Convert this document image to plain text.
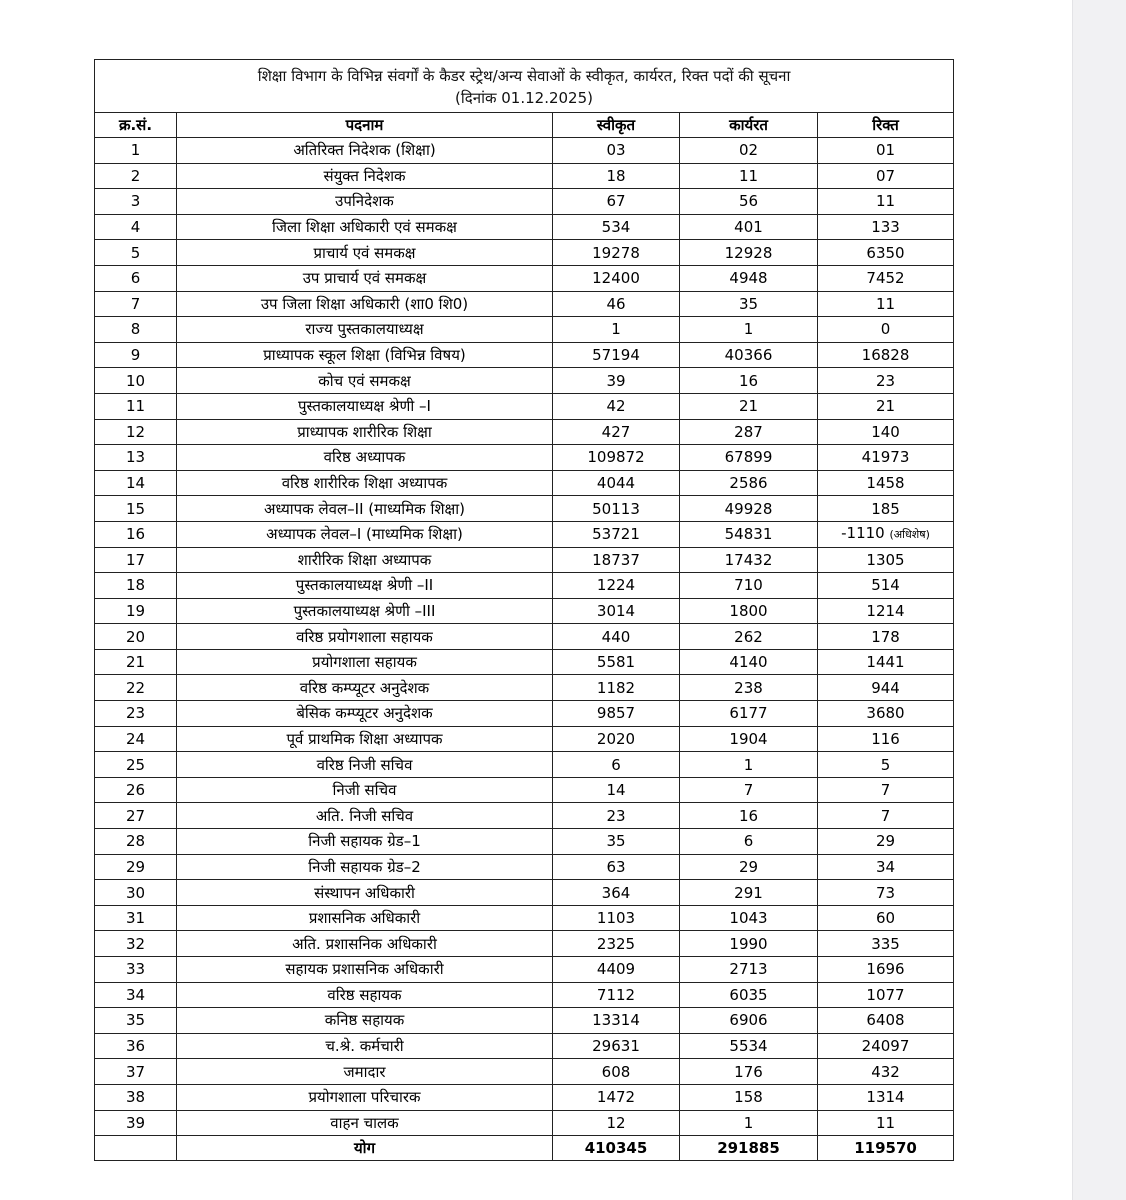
शिक्षा विभाग के विभिन्न संवर्गों के कैडर स्ट्रेथ/अन्य सेवाओं के स्वीकृत, कार्यरत, रिक्त पदों की सूचना
(दिनांक 01.12.2025)				

क्र.सं.	पदनाम	स्वीकृत	कार्यरत	रिक्त
1	अतिरिक्त निदेशक (शिक्षा)	03	02	01
2	संयुक्त निदेशक	18	11	07
3	उपनिदेशक	67	56	11
4	जिला शिक्षा अधिकारी एवं समकक्ष	534	401	133
5	प्राचार्य एवं समकक्ष	19278	12928	6350
6	उप प्राचार्य एवं समकक्ष	12400	4948	7452
7	उप जिला शिक्षा अधिकारी (शा0 शि0)	46	35	11
8	राज्य पुस्तकालयाध्यक्ष	1	1	0
9	प्राध्यापक स्कूल शिक्षा (विभिन्न विषय)	57194	40366	16828
10	कोच एवं समकक्ष	39	16	23
11	पुस्तकालयाध्यक्ष श्रेणी –I	42	21	21
12	प्राध्यापक शारीरिक शिक्षा	427	287	140
13	वरिष्ठ अध्यापक	109872	67899	41973
14	वरिष्ठ शारीरिक शिक्षा अध्यापक	4044	2586	1458
15	अध्यापक लेवल–II (माध्यमिक शिक्षा)	50113	49928	185
16	अध्यापक लेवल–I (माध्यमिक शिक्षा)	53721	54831	-1110 (अधिशेष)
17	शारीरिक शिक्षा अध्यापक	18737	17432	1305
18	पुस्तकालयाध्यक्ष श्रेणी –II	1224	710	514
19	पुस्तकालयाध्यक्ष श्रेणी –III	3014	1800	1214
20	वरिष्ठ प्रयोगशाला सहायक	440	262	178
21	प्रयोगशाला सहायक	5581	4140	1441
22	वरिष्ठ कम्प्यूटर अनुदेशक	1182	238	944
23	बेसिक कम्प्यूटर अनुदेशक	9857	6177	3680
24	पूर्व प्राथमिक शिक्षा अध्यापक	2020	1904	116
25	वरिष्ठ निजी सचिव	6	1	5
26	निजी सचिव	14	7	7
27	अति. निजी सचिव	23	16	7
28	निजी सहायक ग्रेड–1	35	6	29
29	निजी सहायक ग्रेड–2	63	29	34
30	संस्थापन अधिकारी	364	291	73
31	प्रशासनिक अधिकारी	1103	1043	60
32	अति. प्रशासनिक अधिकारी	2325	1990	335
33	सहायक प्रशासनिक अधिकारी	4409	2713	1696
34	वरिष्ठ सहायक	7112	6035	1077
35	कनिष्ठ सहायक	13314	6906	6408
36	च.श्रे. कर्मचारी	29631	5534	24097
37	जमादार	608	176	432
38	प्रयोगशाला परिचारक	1472	158	1314
39	वाहन चालक	12	1	11
	योग	410345	291885	119570
